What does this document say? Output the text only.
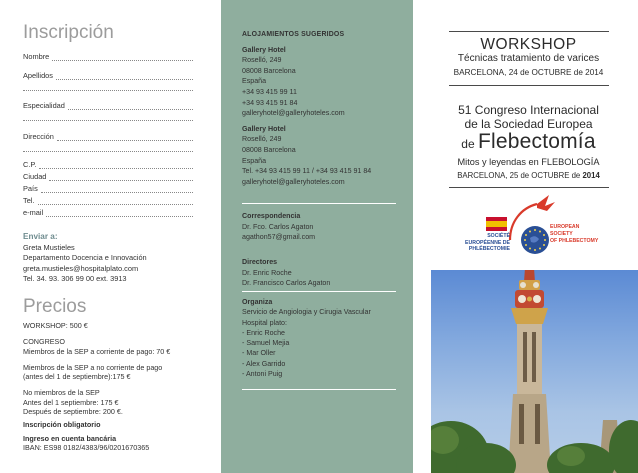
Inscripción
Nombre
Apellidos
Especialidad
Dirección
C.P.
Ciudad
País
Tel.
e-mail
Enviar a:
Greta Mustieles
Departamento Docencia e Innovación
greta.mustieles@hospitalplato.com
Tel. 34. 93. 306 99 00 ext. 3913
Precios

WORKSHOP: 500 €

CONGRESO

Miembros de la SEP a corriente de pago: 70 €

Miembros de la SEP a no corriente de pago

(antes del 1 de septiembre):175 €

No miembros de la SEP

Antes del 1 septiembre: 175 €

Después de septiembre: 200 €.

Inscripción obligatorio

Ingreso en cuenta bancária

IBAN: ES98 0182/4383/96/0201670365

ALOJAMIENTOS SUGERIDOS
Gallery Hotel
Roselló, 249
08008 Barcelona
España
+34 93 415 99 11
+34 93 415 91 84
galleryhotel@galleryhoteles.com
Gallery Hotel
Roselló, 249
08008 Barcelona
España
Tel. +34 93 415 99 11 / +34 93 415 91 84
galleryhotel@galleryhoteles.com
Correspondencia
Dr. Fco. Carlos Agaton
agathon57@gmail.com
Directores
Dr. Enric Roche
Dr. Francisco Carlos Agaton
Organiza
Servicio de Angiologia y Cirugia Vascular
Hospital plato:
- Enric Roche
- Samuel Mejia
- Mar Oller
- Alex Garrido
- Antoni Puig
WORKSHOP
Técnicas tratamiento de varices
BARCELONA, 24 de OCTUBRE de 2014
51 Congreso Internacional
de la Sociedad Europea
de Flebectomía
Mitos y leyendas en FLEBOLOGÍA
BARCELONA, 25 de OCTUBRE de 2014
SOCIÉTÉ
EUROPÉENNE DE
PHLÉBECTOMIE
EUROPEAN
SOCIETY
OF PHLEBECTOMY
